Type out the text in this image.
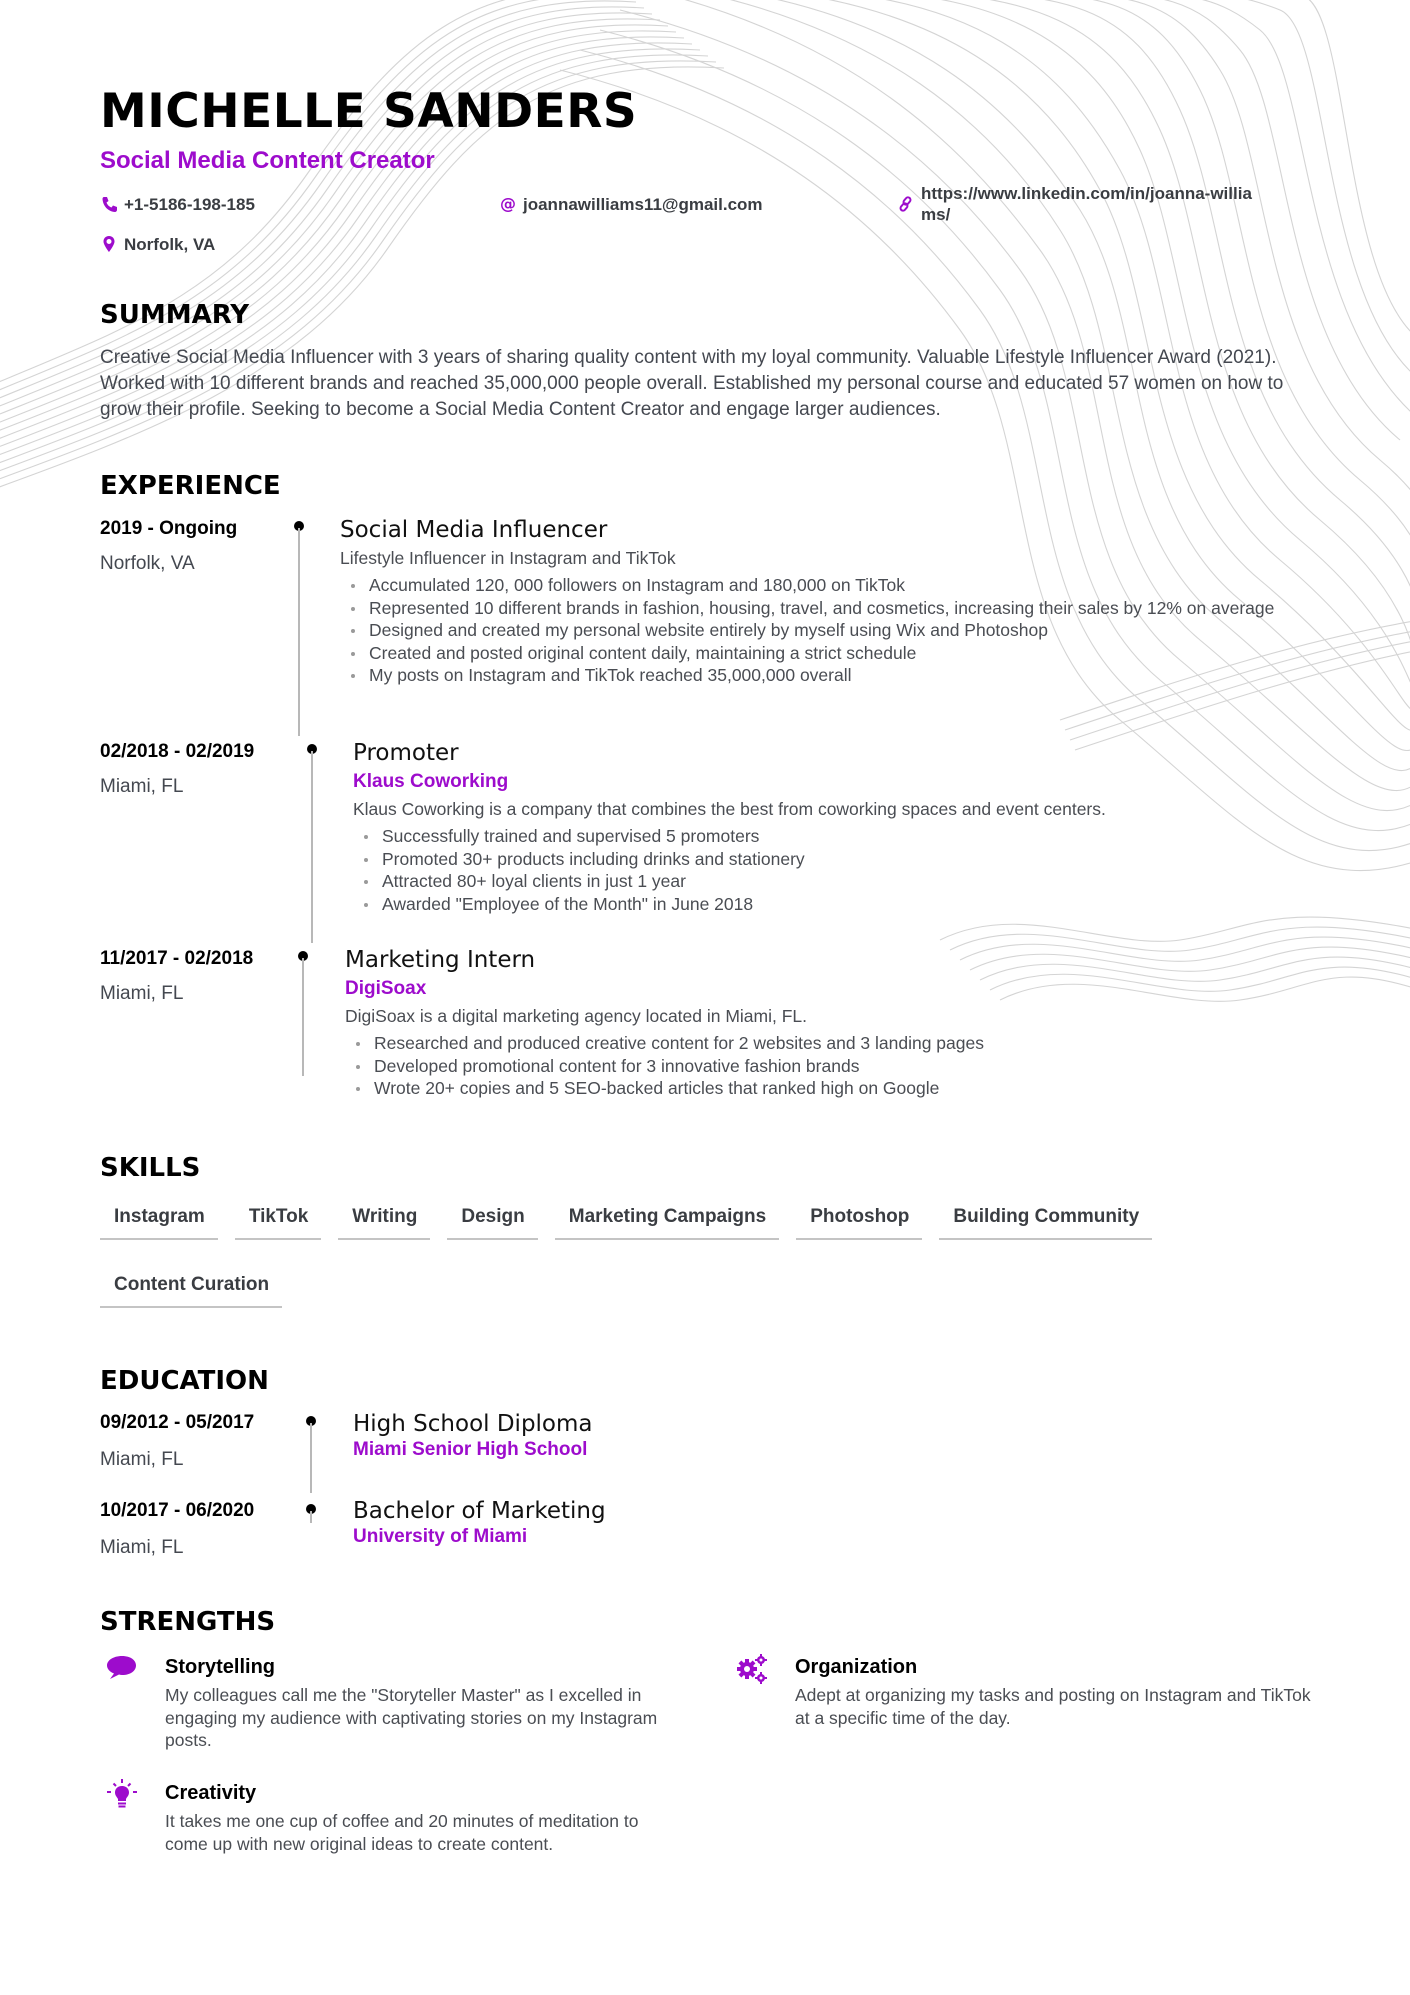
MICHELLE SANDERS
Social Media Content Creator
+1-5186-198-185
Norfolk, VA
@ joannawilliams11@gmail.com
https://www.linkedin.com/in/joanna-williams/
SUMMARY

Creative Social Media Influencer with 3 years of sharing quality content with my loyal community. Valuable Lifestyle Influencer Award (2021). Worked with 10 different brands and reached 35,000,000 people overall. Established my personal course and educated 57 women on how to grow their profile. Seeking to become a Social Media Content Creator and engage larger audiences.

EXPERIENCE
2019 - Ongoing
Norfolk, VA
Social Media Influencer
Lifestyle Influencer in Instagram and TikTok
Accumulated 120, 000 followers on Instagram and 180,000 on TikTok
Represented 10 different brands in fashion, housing, travel, and cosmetics, increasing their sales by 12% on average
Designed and created my personal website entirely by myself using Wix and Photoshop
Created and posted original content daily, maintaining a strict schedule
My posts on Instagram and TikTok reached 35,000,000 overall
02/2018 - 02/2019
Miami, FL
Promoter
Klaus Coworking
Klaus Coworking is a company that combines the best from coworking spaces and event centers.
Successfully trained and supervised 5 promoters
Promoted 30+ products including drinks and stationery
Attracted 80+ loyal clients in just 1 year
Awarded "Employee of the Month" in June 2018
11/2017 - 02/2018
Miami, FL
Marketing Intern
DigiSoax
DigiSoax is a digital marketing agency located in Miami, FL.
Researched and produced creative content for 2 websites and 3 landing pages
Developed promotional content for 3 innovative fashion brands
Wrote 20+ copies and 5 SEO-backed articles that ranked high on Google
SKILLS
Instagram	TikTok	Writing	Design	Marketing Campaigns	Photoshop	Building Community
Content Curation
EDUCATION
09/2012 - 05/2017
Miami, FL
High School Diploma
Miami Senior High School
10/2017 - 06/2020
Miami, FL
Bachelor of Marketing
University of Miami
STRENGTHS
Storytelling

My colleagues call me the "Storyteller Master" as I excelled in engaging my audience with captivating stories on my Instagram posts.

Organization

Adept at organizing my tasks and posting on Instagram and TikTok at a specific time of the day.

Creativity

It takes me one cup of coffee and 20 minutes of meditation to come up with new original ideas to create content.
